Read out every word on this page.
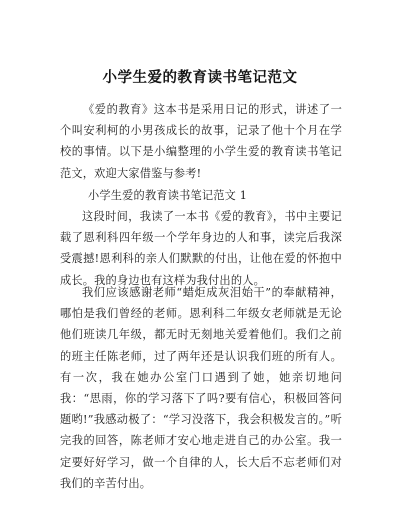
小学生爱的教育读书笔记范文

《爱的教育》这本书是采用日记的形式，讲述了一个叫安利柯的小男孩成长的故事，记录了他十个月在学校的事情。以下是小编整理的小学生爱的教育读书笔记范文，欢迎大家借鉴与参考!

小学生爱的教育读书笔记范文 1

这段时间，我读了一本书《爱的教育》，书中主要记载了恩利科四年级一个学年身边的人和事，读完后我深受震撼!恩利科的亲人们默默的付出，让他在爱的怀抱中成长。我的身边也有这样为我付出的人。

我们应该感谢老师“蜡炬成灰泪始干”的奉献精神，哪怕是我们曾经的老师。恩利科二年级女老师就是无论他们班读几年级，都无时无刻地关爱着他们。我们之前的班主任陈老师，过了两年还是认识我们班的所有人。有一次，我在她办公室门口遇到了她，她亲切地问我：“思雨，你的学习落下了吗?要有信心，积极回答问题哟!”我感动极了：“学习没落下，我会积极发言的。”听完我的回答，陈老师才安心地走进自己的办公室。我一定要好好学习，做一个自律的人，长大后不忘老师们对我们的辛苦付出。
